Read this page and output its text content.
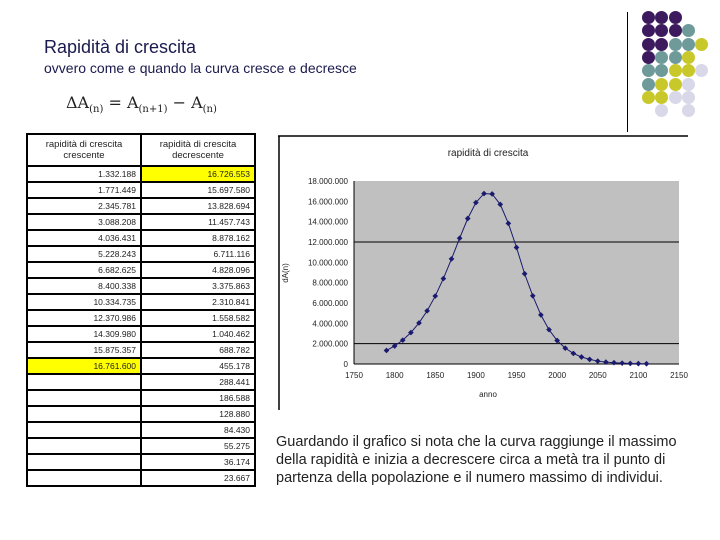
Rapidità di crescita
ovvero come e quando la curva cresce e decresce
$\Delta A_{(n)} = A_{(n+1)} - A_{(n)}$
rapidità di crescita crescente	rapidità di crescita decrescente
1.332.188	16.726.553
1.771.449	15.697.580
2.345.781	13.828.694
3.088.208	11.457.743
4.036.431	8.878.162
5.228.243	6.711.116
6.682.625	4.828.096
8.400.338	3.375.863
10.334.735	2.310.841
12.370.986	1.558.582
14.309.980	1.040.462
15.875.357	688.782
16.761.600	455.178
	288.441
	186.588
	128.880
	84.430
	55.275
	36.174
	23.667
rapidità di crescita
anno
dA(n)
1750	1800	1850	1900	1950	2000	2050	2100	2150
0
2.000.000
4.000.000
6.000.000
8.000.000
10.000.000
12.000.000
14.000.000
16.000.000
18.000.000
Guardando il grafico si nota che la curva raggiunge il massimo della rapidità e inizia a decrescere circa a metà tra il punto di partenza della popolazione e il numero massimo di individui.
